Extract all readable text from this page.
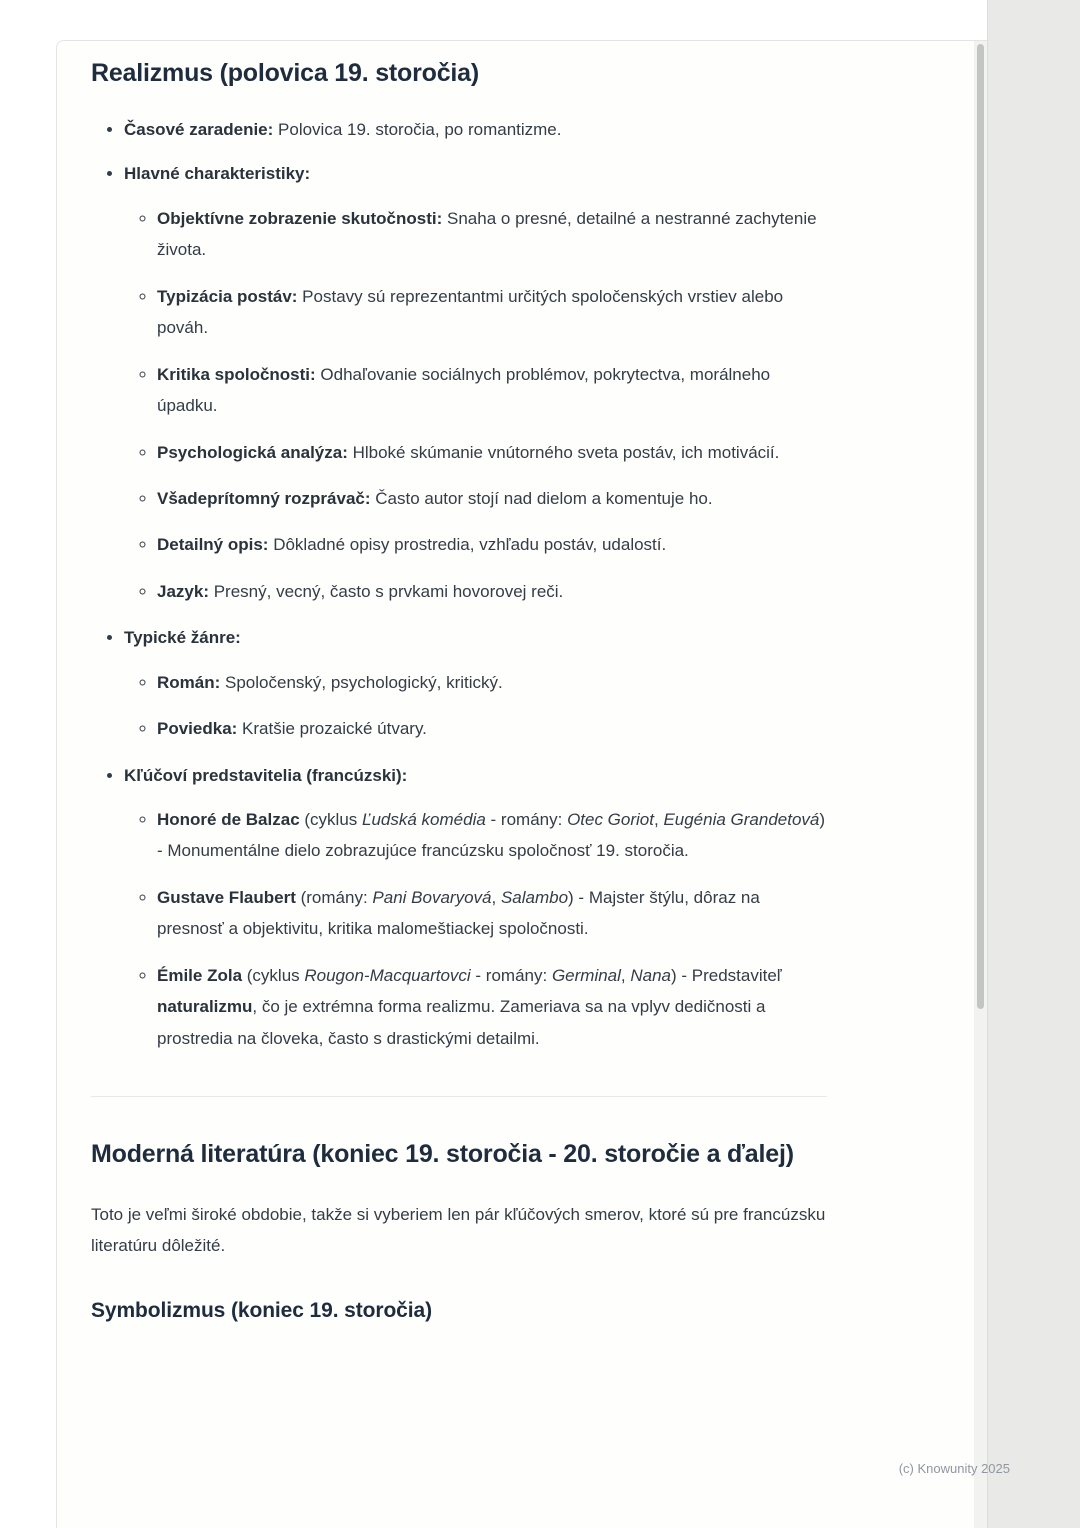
Realizmus (polovica 19. storočia)
• Časové zaradenie: Polovica 19. storočia, po romantizme.
• Hlavné charakteristiky:
◦ Objektívne zobrazenie skutočnosti: Snaha o presné, detailné a nestranné zachytenie života.
◦ Typizácia postáv: Postavy sú reprezentantmi určitých spoločenských vrstiev alebo pováh.
◦ Kritika spoločnosti: Odhaľovanie sociálnych problémov, pokrytectva, morálneho úpadku.
◦ Psychologická analýza: Hlboké skúmanie vnútorného sveta postáv, ich motivácií.
◦ Všadeprítomný rozprávač: Často autor stojí nad dielom a komentuje ho.
◦ Detailný opis: Dôkladné opisy prostredia, vzhľadu postáv, udalostí.
◦ Jazyk: Presný, vecný, často s prvkami hovorovej reči.
• Typické žánre:
◦ Román: Spoločenský, psychologický, kritický.
◦ Poviedka: Kratšie prozaické útvary.
• Kľúčoví predstavitelia (francúzski):
◦ Honoré de Balzac (cyklus Ľudská komédia - romány: Otec Goriot, Eugénia Grandetová) - Monumentálne dielo zobrazujúce francúzsku spoločnosť 19. storočia.
◦ Gustave Flaubert (romány: Pani Bovaryová, Salambo) - Majster štýlu, dôraz na presnosť a objektivitu, kritika malomeštiackej spoločnosti.
◦ Émile Zola (cyklus Rougon-Macquartovci - romány: Germinal, Nana) - Predstaviteľ naturalizmu, čo je extrémna forma realizmu. Zameriava sa na vplyv dedičnosti a prostredia na človeka, často s drastickými detailmi.
Moderná literatúra (koniec 19. storočia - 20. storočie a ďalej)

Toto je veľmi široké obdobie, takže si vyberiem len pár kľúčových smerov, ktoré sú pre francúzsku literatúru dôležité.

Symbolizmus (koniec 19. storočia)
(c) Knowunity 2025
